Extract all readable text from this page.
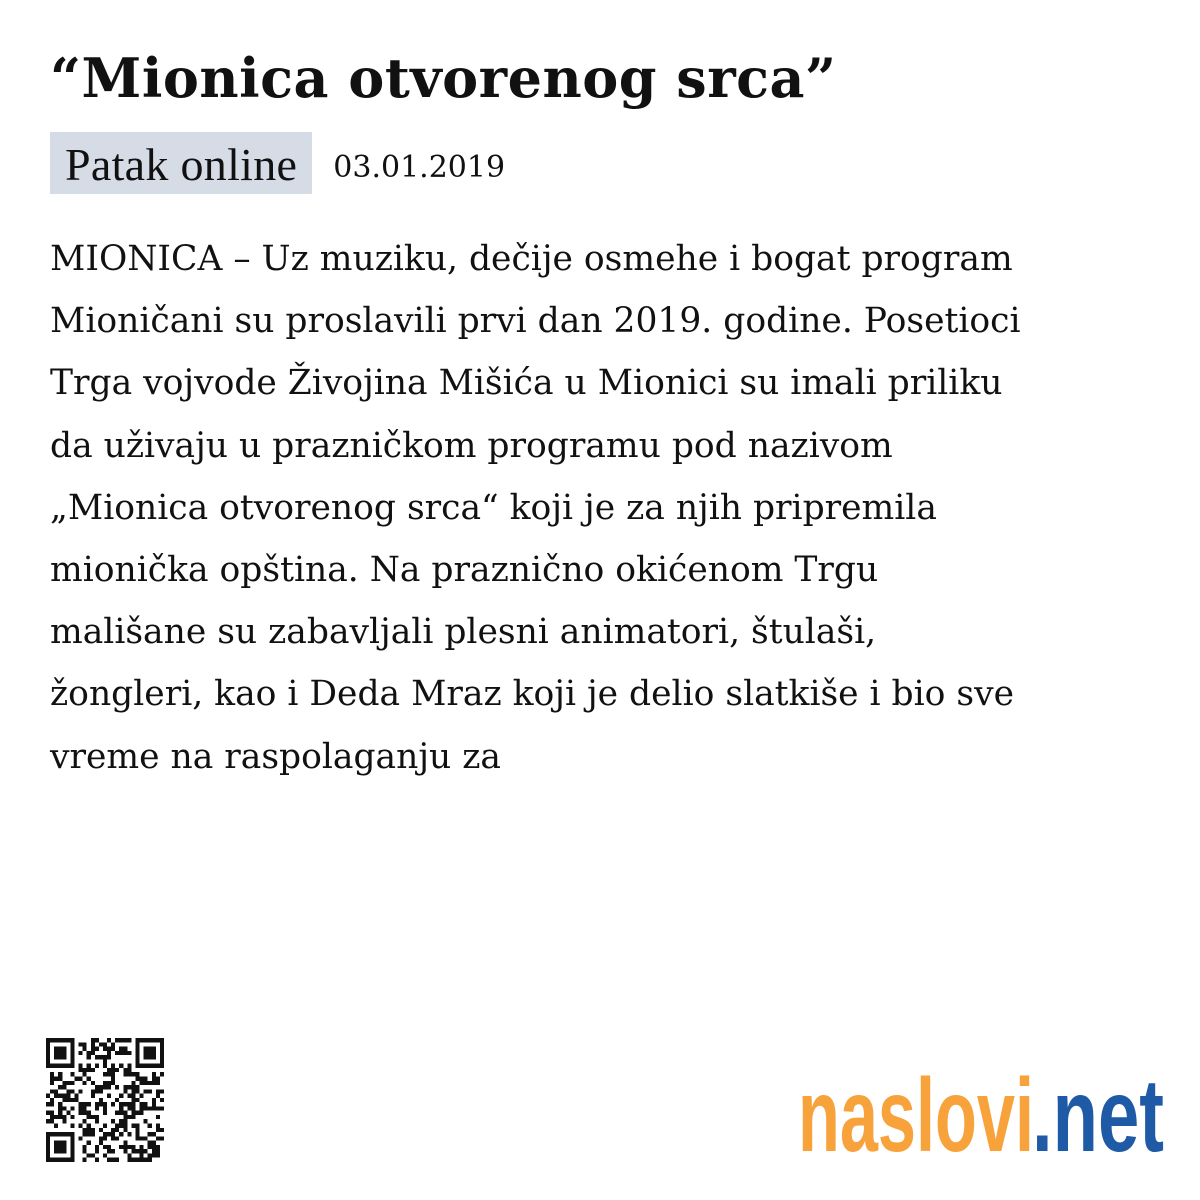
“Mionica otvorenog srca”
Patak online	03.01.2019

MIONICA – Uz muziku, dečije osmehe i bogat program
Mioničani su proslavili prvi dan 2019. godine. Posetioci
Trga vojvode Živojina Mišića u Mionici su imali priliku
da uživaju u prazničkom programu pod nazivom
„Mionica otvorenog srca“ koji je za njih pripremila
mionička opština. Na praznično okićenom Trgu
mališane su zabavljali plesni animatori, štulaši,
žongleri, kao i Deda Mraz koji je delio slatkiše i bio sve
vreme na raspolaganju za

naslovi
.net
